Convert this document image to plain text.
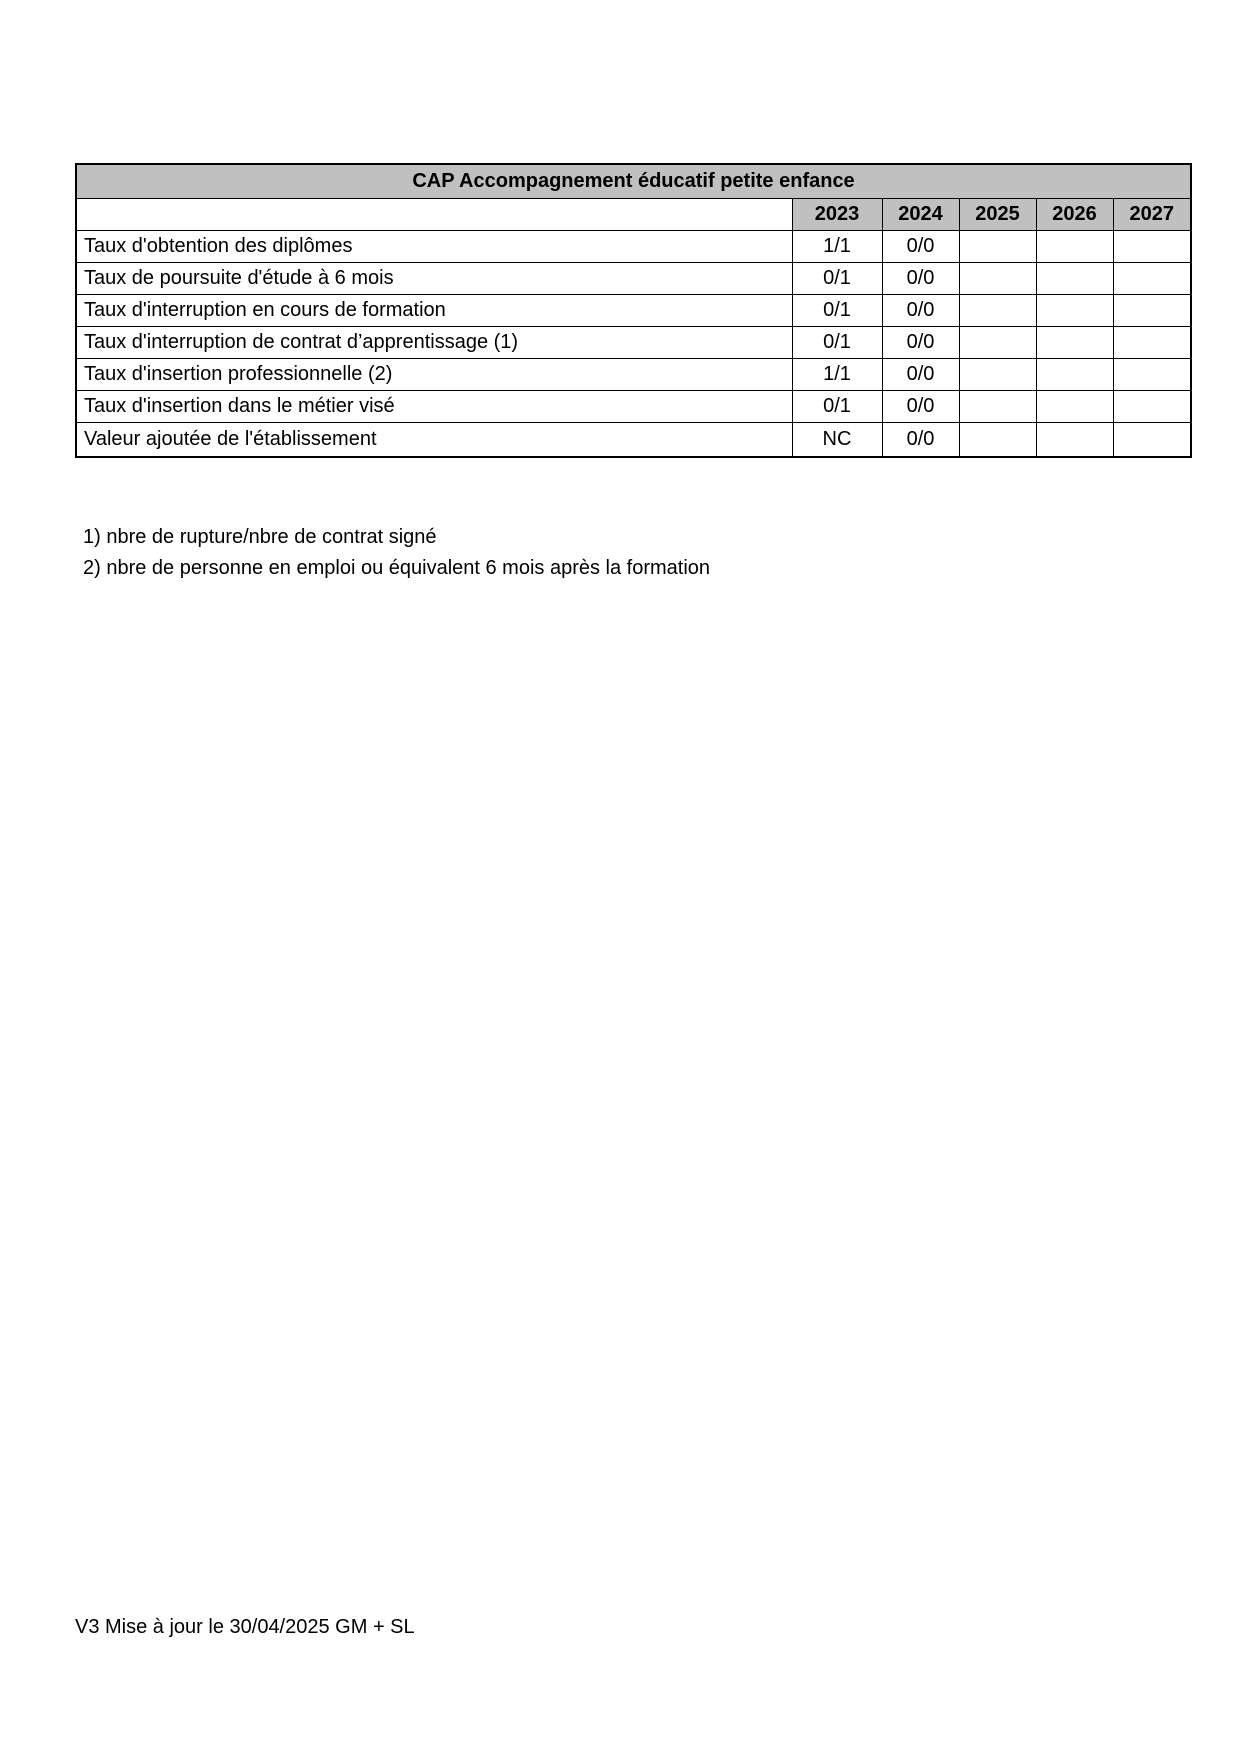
CAP Accompagnement éducatif petite enfance					
	2023	2024	2025	2026	2027
Taux d'obtention des diplômes	1/1	0/0			
Taux de poursuite d'étude à 6 mois	0/1	0/0			
Taux d'interruption en cours de formation	0/1	0/0			
Taux d'interruption de contrat d’apprentissage (1)	0/1	0/0			
Taux d'insertion professionnelle (2)	1/1	0/0			
Taux d'insertion dans le métier visé	0/1	0/0			
Valeur ajoutée de l'établissement	NC	0/0			
1) nbre de rupture/nbre de contrat signé
2) nbre de personne en emploi ou équivalent 6 mois après la formation
V3 Mise à jour le 30/04/2025 GM + SL
